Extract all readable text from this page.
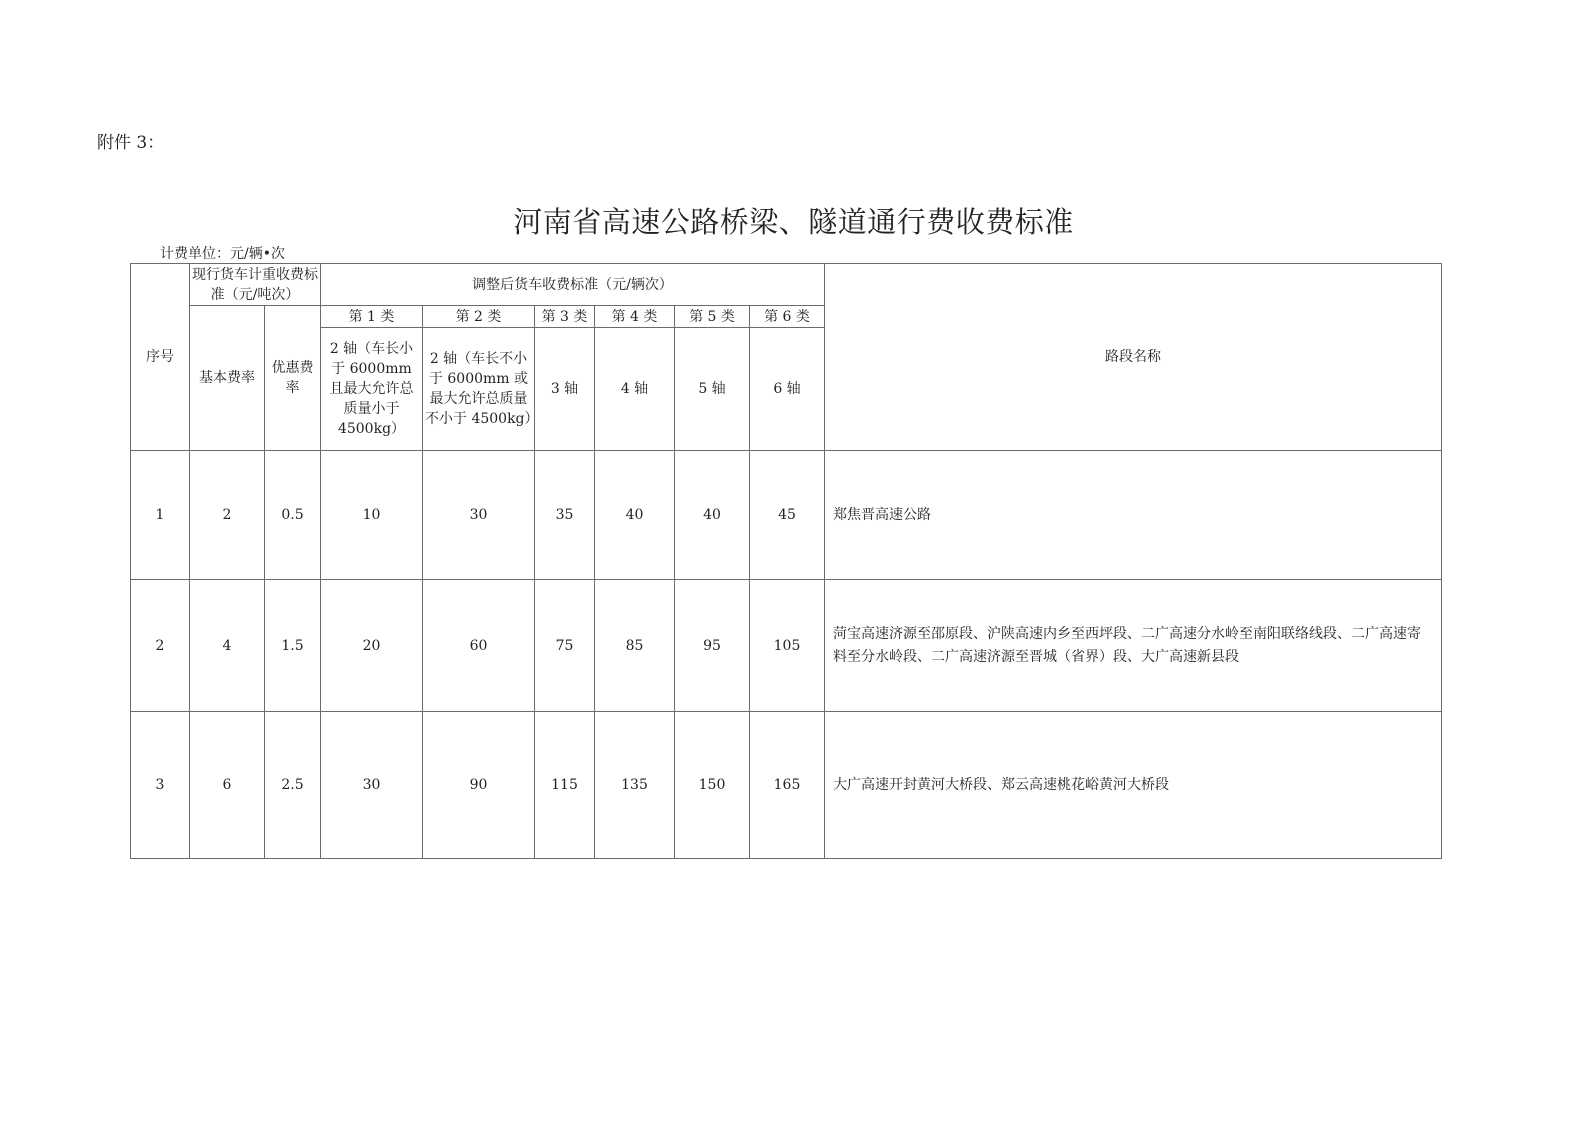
附件 3：
河南省高速公路桥梁、隧道通行费收费标准
计费单位：元/辆•次
序号	现行货车计重收费标准（元/吨次）		调整后货车收费标准（元/辆次）						路段名称
	基本费率	优惠费率	第 1 类	第 2 类	第 3 类	第 4 类	第 5 类	第 6 类	
			2 轴（车长小于 6000mm 且最大允许总质量小于 4500kg）	2 轴（车长不小于 6000mm 或最大允许总质量不小于 4500kg）	3 轴	4 轴	5 轴	6 轴	
1	2	0.5	10	30	35	40	40	45	郑焦晋高速公路
2	4	1.5	20	60	75	85	95	105	菏宝高速济源至邵原段、沪陕高速内乡至西坪段、二广高速分水岭至南阳联络线段、二广高速寄料至分水岭段、二广高速济源至晋城（省界）段、大广高速新县段
3	6	2.5	30	90	115	135	150	165	大广高速开封黄河大桥段、郑云高速桃花峪黄河大桥段
